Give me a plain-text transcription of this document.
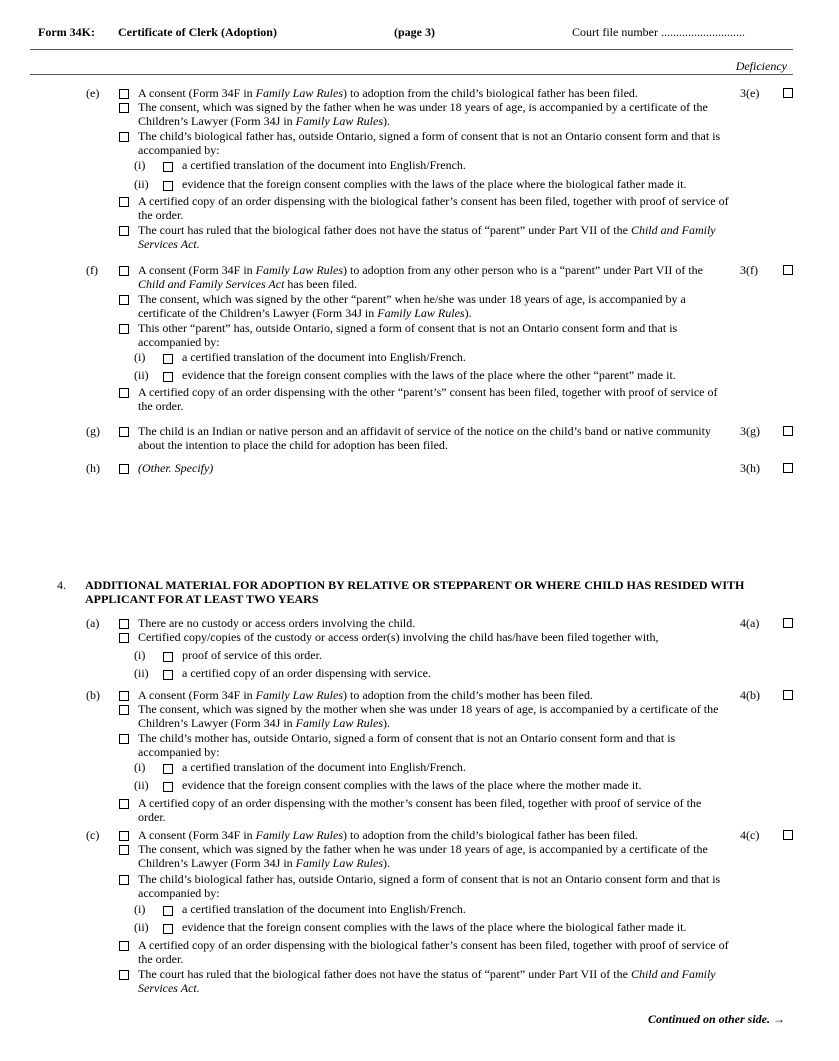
Form 34K: Certificate of Clerk (Adoption)	(page 3)	Court file number ............................
Deficiency
(e)	3(e)
A consent (Form 34F in Family Law Rules) to adoption from the child’s biological father has been filed.
The consent, which was signed by the father when he was under 18 years of age, is accompanied by a certificate of the Children’s Lawyer (Form 34J in Family Law Rules).
The child’s biological father has, outside Ontario, signed a form of consent that is not an Ontario consent form and that is accompanied by:
(i)	a certified translation of the document into English/French.
(ii)	evidence that the foreign consent complies with the laws of the place where the biological father made it.
A certified copy of an order dispensing with the biological father’s consent has been filed, together with proof of service of the order.
The court has ruled that the biological father does not have the status of “parent” under Part VII of the Child and Family Services Act.
(f)	3(f)
A consent (Form 34F in Family Law Rules) to adoption from any other person who is a “parent” under Part VII of the Child and Family Services Act has been filed.
The consent, which was signed by the other “parent” when he/she was under 18 years of age, is accompanied by a certificate of the Children’s Lawyer (Form 34J in Family Law Rules).
This other “parent” has, outside Ontario, signed a form of consent that is not an Ontario consent form and that is accompanied by:
(i)	a certified translation of the document into English/French.
(ii)	evidence that the foreign consent complies with the laws of the place where the other “parent” made it.
A certified copy of an order dispensing with the other “parent’s” consent has been filed, together with proof of service of the order.
(g)	3(g)
The child is an Indian or native person and an affidavit of service of the notice on the child’s band or native community about the intention to place the child for adoption has been filed.
(h)	3(h)
(Other. Specify)
4. ADDITIONAL MATERIAL FOR ADOPTION BY RELATIVE OR STEPPARENT OR WHERE CHILD HAS RESIDED WITH APPLICANT FOR AT LEAST TWO YEARS
(a)	4(a)
There are no custody or access orders involving the child.
Certified copy/copies of the custody or access order(s) involving the child has/have been filed together with,
(i)	proof of service of this order.
(ii)	a certified copy of an order dispensing with service.
(b)	4(b)
A consent (Form 34F in Family Law Rules) to adoption from the child’s mother has been filed.
The consent, which was signed by the mother when she was under 18 years of age, is accompanied by a certificate of the Children’s Lawyer (Form 34J in Family Law Rules).
The child’s mother has, outside Ontario, signed a form of consent that is not an Ontario consent form and that is accompanied by:
(i)	a certified translation of the document into English/French.
(ii)	evidence that the foreign consent complies with the laws of the place where the mother made it.
A certified copy of an order dispensing with the mother’s consent has been filed, together with proof of service of the order.
(c)	4(c)
A consent (Form 34F in Family Law Rules) to adoption from the child’s biological father has been filed.
The consent, which was signed by the father when he was under 18 years of age, is accompanied by a certificate of the Children’s Lawyer (Form 34J in Family Law Rules).
The child’s biological father has, outside Ontario, signed a form of consent that is not an Ontario consent form and that is accompanied by:
(i)	a certified translation of the document into English/French.
(ii)	evidence that the foreign consent complies with the laws of the place where the biological father made it.
A certified copy of an order dispensing with the biological father’s consent has been filed, together with proof of service of the order.
The court has ruled that the biological father does not have the status of “parent” under Part VII of the Child and Family Services Act.
Continued on other side. →
